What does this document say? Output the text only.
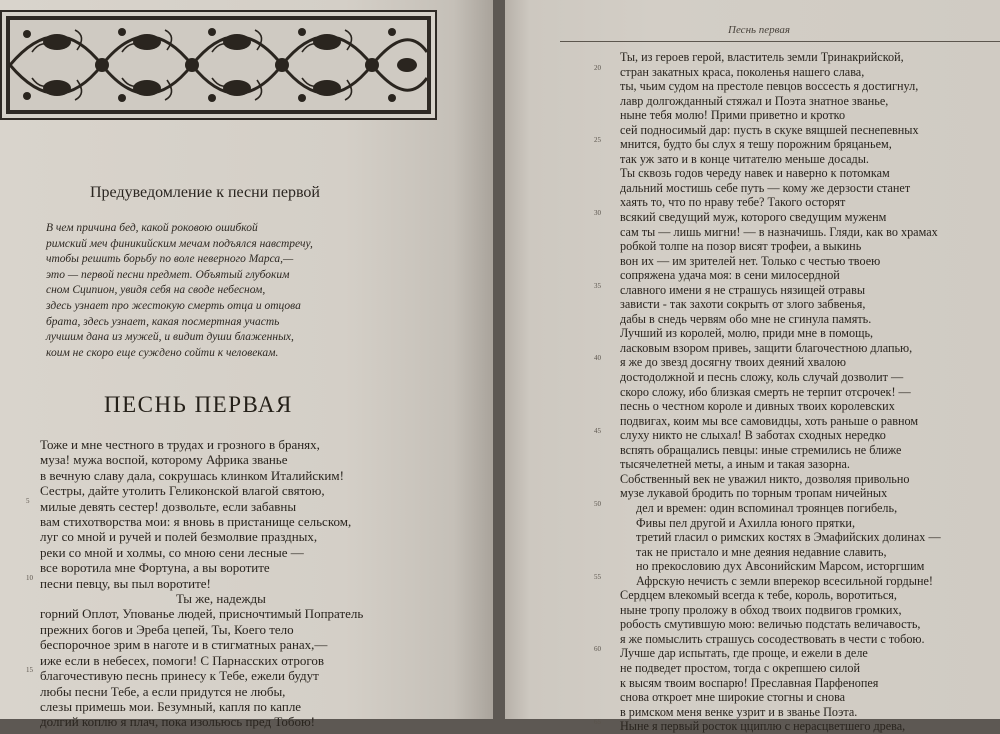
Предуведомление к песни первой
В чем причина бед, какой роковою ошибкой
римский меч финикийским мечам подъялся навстречу,
чтобы решить борьбу по воле неверного Марса,—
это — первой песни предмет. Объятый глубоким
сном Сципион, увидя себя на своде небесном,
здесь узнает про жестокую смерть отца и отцова
брата, здесь узнает, какая посмертная участь
лучшим дана из мужей, и видит души блаженных,
коим не скоро еще суждено сойти к человекам.
ПЕСНЬ ПЕРВАЯ
Тоже и мне честного в трудах и грозного в бранях,
муза! мужа воспой, которому Африка званье
в вечную славу дала, сокрушась клинком Италийским!
Сестры, дайте утолить Геликонской влагой святою,
5 милые девять сестер! дозвольте, если забавны
вам стихотворства мои: я вновь в пристанище сельском,
луг со мной и ручей и полей безмолвие праздных,
реки со мной и холмы, со мною сени лесные —
все воротила мне Фортуна, а вы воротите
10 песни певцу, вы пыл воротите!
Ты же, надежды
горний Оплот, Упованье людей, присночтимый Попратель
прежних богов и Эреба цепей, Ты, Коего тело
беспорочное зрим в наготе и в стигматных ранах,—
иже если в небесех, помоги! С Парнасских отрогов
15 благочестивую песнь принесу к Тебе, ежели будут
любы песни Тебе, а если придутся не любы,
слезы примешь мои. Безумный, капля по капле
долгий коплю я плач, пока изольюсь пред Тобою!
Песнь первая
Ты, из героев герой, властитель земли Тринакрийской,
20 стран закатных краса, поколенья нашего слава,
ты, чьим судом на престоле певцов воссесть я достигнул,
лавр долгожданный стяжал и Поэта знатное званье,
ныне тебя молю! Прими приветно и кротко
сей подносимый дар: пусть в скуке вящшей песнепевных
25 мнится, будто бы слух я тешу порожним бряцаньем,
так уж зато и в конце читателю меньше досады.
Ты сквозь годов череду навек и наверно к потомкам
дальний мостишь себе путь — кому же дерзости станет
хаять то, что по нраву тебе? Такого осторят
30 всякий сведущий муж, которого сведущим муженм
сам ты — лишь мигни! — в назначишь. Гляди, как во храмах
робкой толпе на позор висят трофеи, а выкинь
вон их — им зрителей нет. Только с честью твоею
сопряжена удача моя: в сени милосердной
35 славного имени я не страшусь нязищей отравы
зависти - так захоти сокрыть от злого забвенья,
дабы в снедь червям обо мне не сгинула память.
Лучший из королей, молю, приди мне в помощь,
ласковым взором привеь, защити благочестною длапью,
40 я же до звезд досягну твоих деяний хвалою
достодолжной и песнь сложу, коль случай дозволит —
скоро сложу, ибо близкая смерть не терпит отсрочек! —
песнь о честном короле и дивных твоих королевских
подвигах, коим мы все самовидцы, хоть раньше о равном
45 слуху никто не слыхал! В заботах сходных нередко
вспять обращались певцы: иные стремились не ближе
тысячелетней меты, а иным и такая зазорна.
Собственный век не уважил никто, дозволяя привольно
музе лукавой бродить по торным тропам ничейных
50	дел и времен: один вспоминал троянцев погибель,
Фивы пел другой и Ахилла юного прятки,
третий гласил о римских костях в Эмафийских долинах —
так не пристало и мне деяния недавние славить,
но прекословию дух Авсонийским Марсом, исторгшим
55	Афрскую нечисть с земли вперекор всесильной гордыне!
Сердцем влекомый всегда к тебе, король, воротиться,
ныне тропу проложу в обход твоих подвигов громких,
робость смутившую мою: величью подстать величавость,
я же помыслить страшусь сосодествовать в чести с тобою.
60 Лучше дар испытать, где проще, и ежели в деле
не подведет простом, тогда с окрепшею силой
к высям твоим воспарю! Преславная Парфенопея
снова откроет мне широкие стогны и снова
в римском меня венке узрит и в званье Поэта.
65 Ныне я первый росток цциплю с нерасцветшего древа,
